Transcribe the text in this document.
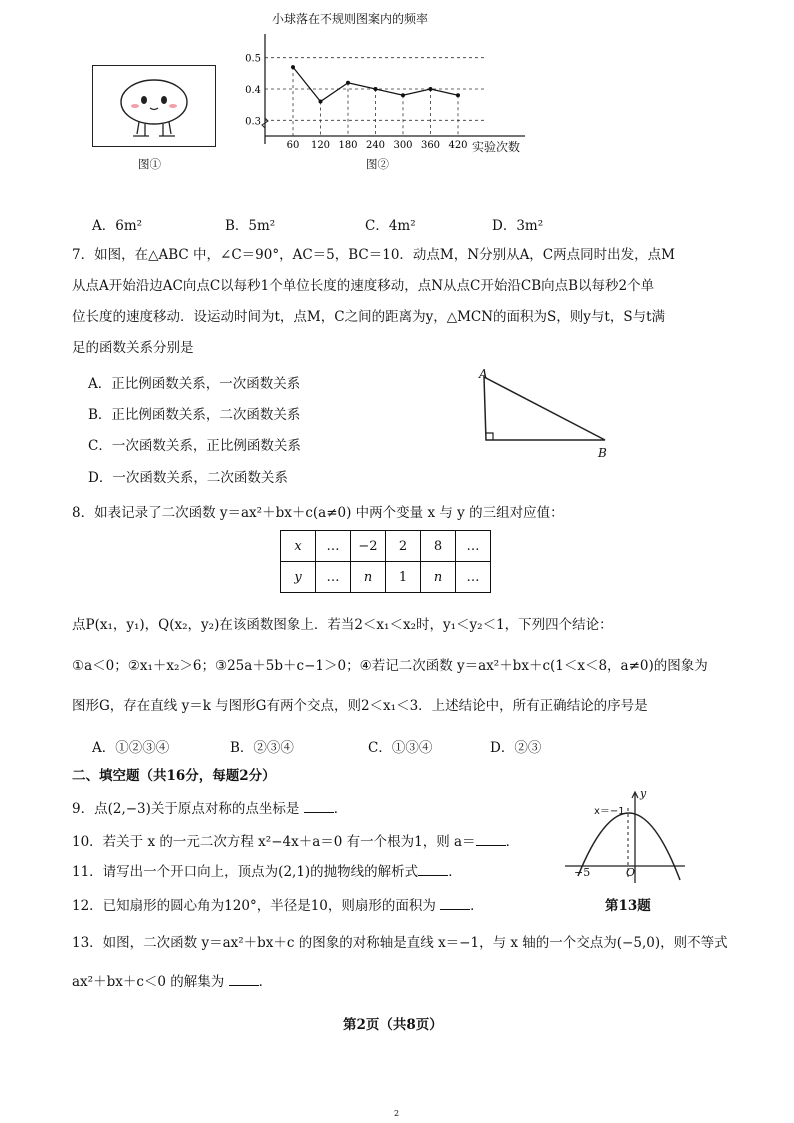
图①
小球落在不规则图案内的频率
0.5
0.4
0.3
60 120 180 240 300 360 420 实验次数
图②
A．6m²	B．5m²	C．4m²	D．3m²
7．如图，在△ABC 中，∠C＝90°，AC＝5，BC＝10．动点M，N分别从A，C两点同时出发，点M
从点A开始沿边AC向点C以每秒1个单位长度的速度移动，点N从点C开始沿CB向点B以每秒2个单
位长度的速度移动．设运动时间为t，点M，C之间的距离为y，△MCN的面积为S，则y与t，S与t满
足的函数关系分别是
A．正比例函数关系，一次函数关系
B．正比例函数关系，二次函数关系
C．一次函数关系，正比例函数关系
D．一次函数关系，二次函数关系
A
B
8．如表记录了二次函数 y＝ax²＋bx＋c(a≠0) 中两个变量 x 与 y 的三组对应值：
x	…	−2	2	8	…
y	…	n	1	n	…
点P(x₁，y₁)，Q(x₂，y₂)在该函数图象上．若当2＜x₁＜x₂时，y₁＜y₂＜1，下列四个结论：
①a＜0；②x₁＋x₂＞6；③25a＋5b＋c−1＞0；④若记二次函数 y＝ax²＋bx＋c(1＜x＜8，a≠0)的图象为
图形G，存在直线 y＝k 与图形G有两个交点，则2＜x₁＜3．上述结论中，所有正确结论的序号是
A．①②③④	B．②③④	C．①③④	D．②③
二、填空题（共16分，每题2分）
9．点(2,−3)关于原点对称的点坐标是	．
10．若关于 x 的一元二次方程 x²−4x＋a＝0 有一个根为1，则 a＝ ．
11．请写出一个开口向上，顶点为(2,1)的抛物线的解析式 ．
12．已知扇形的圆心角为120°，半径是10，则扇形的面积为	．
x＝−1
y
−5	O
第13题
13．如图，二次函数 y＝ax²＋bx＋c 的图象的对称轴是直线 x＝−1，与 x 轴的一个交点为(−5,0)，则不等式
ax²＋bx＋c＜0 的解集为	．
第2页（共8页）
2
